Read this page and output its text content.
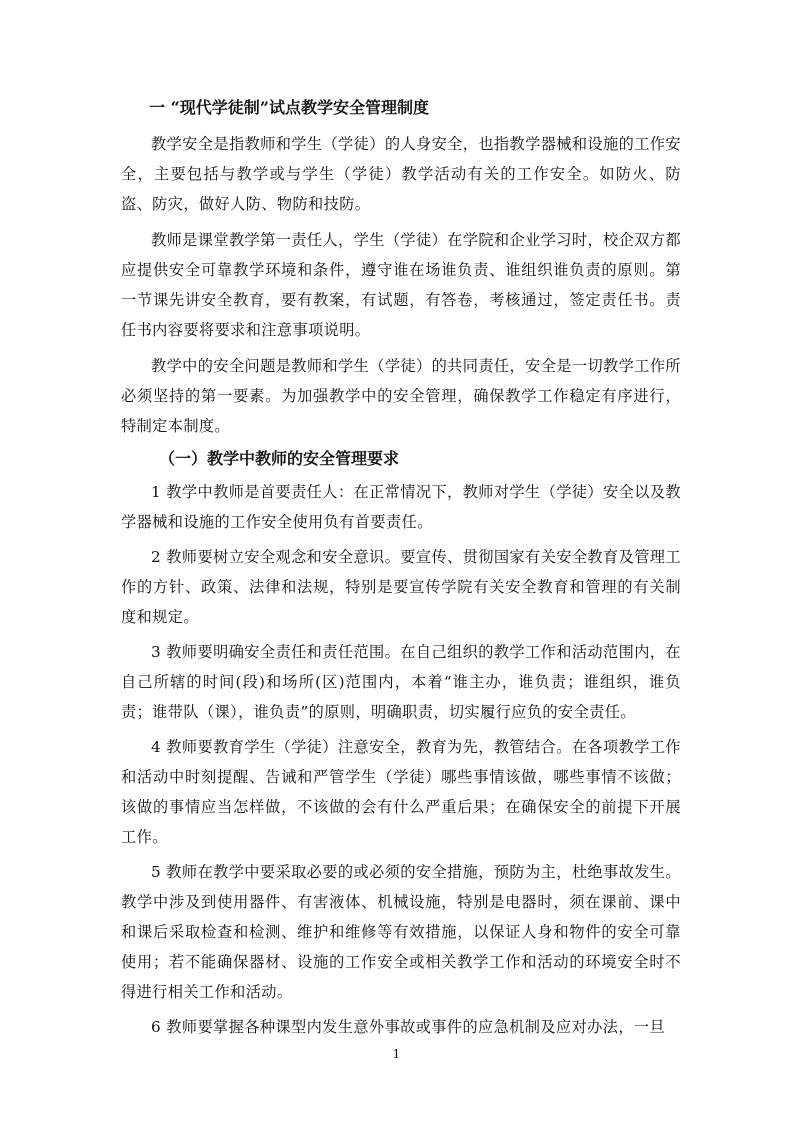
一 “现代学徒制”试点教学安全管理制度

教学安全是指教师和学生（学徒）的人身安全，也指教学器械和设施的工作安全，主要包括与教学或与学生（学徒）教学活动有关的工作安全。如防火、防盗、防灾，做好人防、物防和技防。

教师是课堂教学第一责任人，学生（学徒）在学院和企业学习时，校企双方都应提供安全可靠教学环境和条件，遵守谁在场谁负责、谁组织谁负责的原则。第一节课先讲安全教育，要有教案，有试题，有答卷，考核通过，签定责任书。责任书内容要将要求和注意事项说明。

教学中的安全问题是教师和学生（学徒）的共同责任，安全是一切教学工作所必须坚持的第一要素。为加强教学中的安全管理，确保教学工作稳定有序进行，特制定本制度。

（一）教学中教师的安全管理要求

1 教学中教师是首要责任人：在正常情况下，教师对学生（学徒）安全以及教学器械和设施的工作安全使用负有首要责任。

2 教师要树立安全观念和安全意识。要宣传、贯彻国家有关安全教育及管理工作的方针、政策、法律和法规，特别是要宣传学院有关安全教育和管理的有关制度和规定。

3 教师要明确安全责任和责任范围。在自己组织的教学工作和活动范围内，在自己所辖的时间(段)和场所(区)范围内，本着“谁主办，谁负责；谁组织，谁负责；谁带队（课），谁负责”的原则，明确职责，切实履行应负的安全责任。

4 教师要教育学生（学徒）注意安全，教育为先，教管结合。在各项教学工作和活动中时刻提醒、告诫和严管学生（学徒）哪些事情该做，哪些事情不该做；该做的事情应当怎样做，不该做的会有什么严重后果；在确保安全的前提下开展工作。

5 教师在教学中要采取必要的或必须的安全措施，预防为主，杜绝事故发生。教学中涉及到使用器件、有害液体、机械设施，特别是电器时，须在课前、课中和课后采取检查和检测、维护和维修等有效措施，以保证人身和物件的安全可靠使用；若不能确保器材、设施的工作安全或相关教学工作和活动的环境安全时不得进行相关工作和活动。

6 教师要掌握各种课型内发生意外事故或事件的应急机制及应对办法，一旦

1
